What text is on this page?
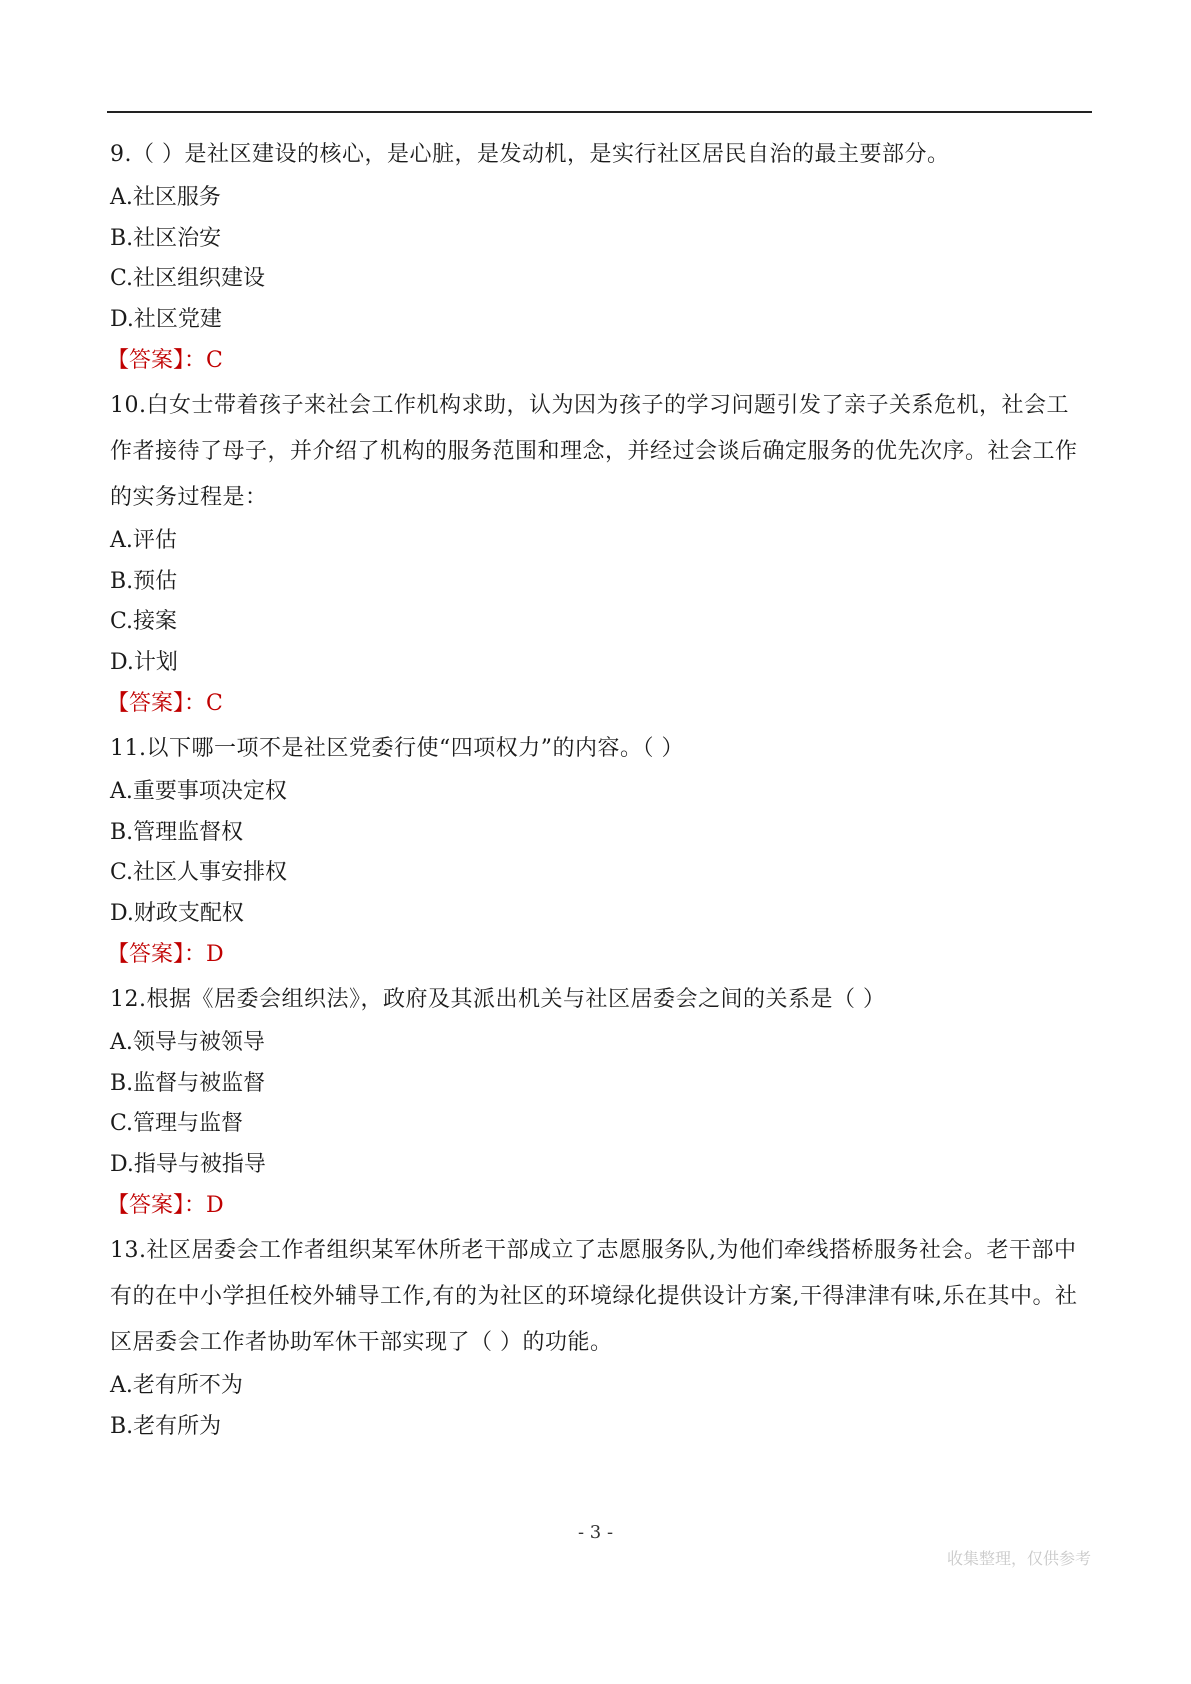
9.（ ）是社区建设的核心，是心脏，是发动机，是实行社区居民自治的最主要部分。

A.社区服务

B.社区治安

C.社区组织建设

D.社区党建

【答案】：C

10.白女士带着孩子来社会工作机构求助，认为因为孩子的学习问题引发了亲子关系危机，社会工作者接待了母子，并介绍了机构的服务范围和理念，并经过会谈后确定服务的优先次序。社会工作的实务过程是：

A.评估

B.预估

C.接案

D.计划

【答案】：C

11.以下哪一项不是社区党委行使“四项权力”的内容。（ ）

A.重要事项决定权

B.管理监督权

C.社区人事安排权

D.财政支配权

【答案】：D

12.根据《居委会组织法》，政府及其派出机关与社区居委会之间的关系是（ ）

A.领导与被领导

B.监督与被监督

C.管理与监督

D.指导与被指导

【答案】：D

13.社区居委会工作者组织某军休所老干部成立了志愿服务队,为他们牵线搭桥服务社会。老干部中有的在中小学担任校外辅导工作,有的为社区的环境绿化提供设计方案,干得津津有味,乐在其中。社区居委会工作者协助军休干部实现了（ ）的功能。

A.老有所不为

B.老有所为

- 3 -
收集整理，仅供参考
